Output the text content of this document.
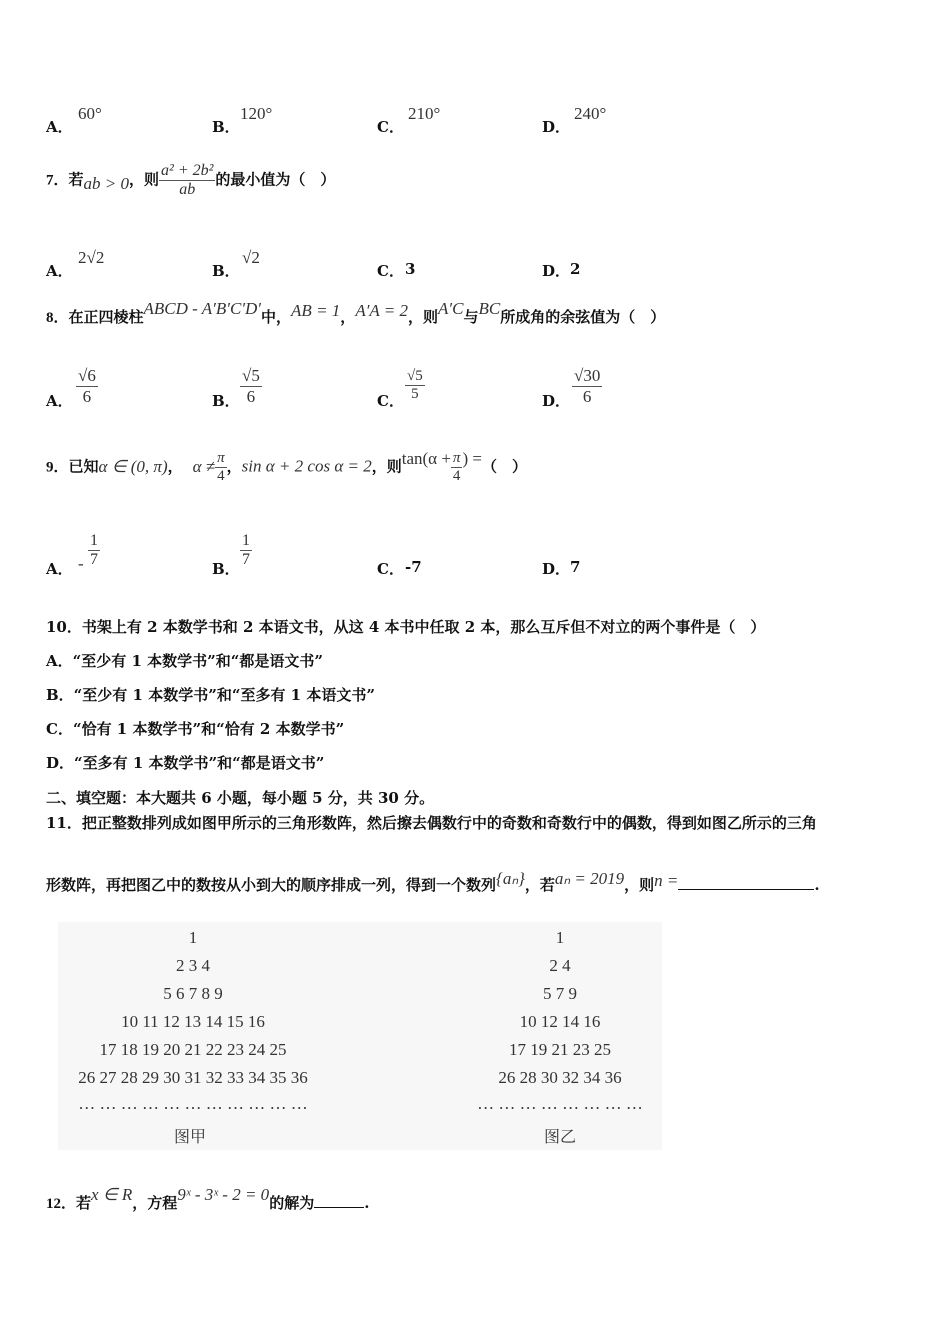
A．
60°
B．
120°
C．
210°
D．
240°
7．若ab > 0，则 $\frac{\text{a² + 2b²}}{ab}$ 的最小值为（　）
A．
2√2
B．
√2
C． 3	D． 2
8．在正四棱柱ABCD - A′B′C′D′中，AB = 1，A′A = 2，则A′C与BC所成角的余弦值为（　）
A． $\frac{√6}{6}$	B． $\frac{√5}{6}$	C． $\frac{√5}{5}$	D． $\frac{√30}{6}$
9．已知α ∈ (0, π)， $\alpha \ne \frac{\pi}{4}$ ，sin α + 2 cos α = 2，则$\tan(\alpha + \frac{\pi}{4}$ ) =（　）
A． - $\frac{1}{7}$	B． $\frac{1}{7}$	C． -7	D． 7
10．书架上有 2 本数学书和 2 本语文书，从这 4 本书中任取 2 本，那么互斥但不对立的两个事件是（　）
A．“至少有 1 本数学书”和“都是语文书”
B．“至少有 1 本数学书”和“至多有 1 本语文书”
C．“恰有 1 本数学书”和“恰有 2 本数学书”
D．“至多有 1 本数学书”和“都是语文书”
二、填空题：本大题共 6 小题，每小题 5 分，共 30 分。
11．把正整数排列成如图甲所示的三角形数阵，然后擦去偶数行中的奇数和奇数行中的偶数，得到如图乙所示的三角
形数阵，再把图乙中的数按从小到大的顺序排成一列，得到一个数列{aₙ}，若aₙ = 2019，则n =	.
1
2 3 4
5 6 7 8 9
10 11 12 13 14 15 16
17 18 19 20 21 22 23 24 25
26 27 28 29 30 31 32 33 34 35 36
… … … … … … … … … … …
图甲
1
2 4
5 7 9
10 12 14 16
17 19 21 23 25
26 28 30 32 34 36
… … … … … … … …
图乙
12．若x ∈ R，方程9ˣ - 3ˣ - 2 = 0的解为	.
